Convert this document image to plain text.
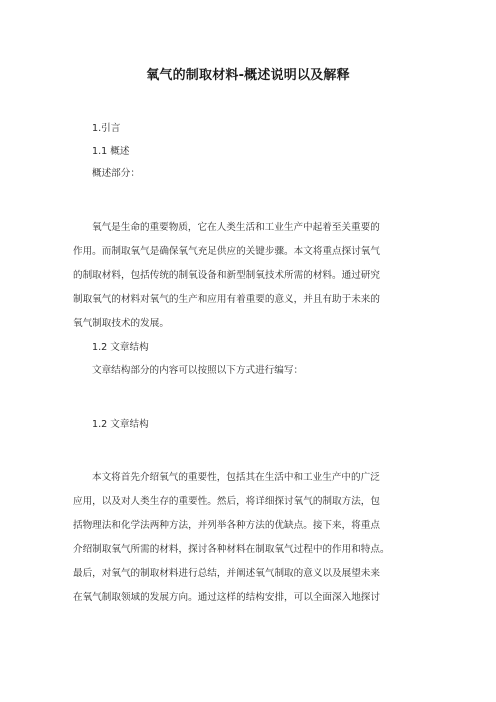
氧气的制取材料-概述说明以及解释
1.引言
1.1 概述
概述部分：
氧气是生命的重要物质，它在人类生活和工业生产中起着至关重要的
作用。而制取氧气是确保氧气充足供应的关键步骤。本文将重点探讨氧气
的制取材料，包括传统的制氧设备和新型制氧技术所需的材料。通过研究
制取氧气的材料对氧气的生产和应用有着重要的意义，并且有助于未来的
氧气制取技术的发展。
1.2 文章结构
文章结构部分的内容可以按照以下方式进行编写：
1.2 文章结构
本文将首先介绍氧气的重要性，包括其在生活中和工业生产中的广泛
应用，以及对人类生存的重要性。然后，将详细探讨氧气的制取方法，包
括物理法和化学法两种方法，并列举各种方法的优缺点。接下来，将重点
介绍制取氧气所需的材料，探讨各种材料在制取氧气过程中的作用和特点。
最后，对氧气的制取材料进行总结，并阐述氧气制取的意义以及展望未来
在氧气制取领域的发展方向。通过这样的结构安排，可以全面深入地探讨
